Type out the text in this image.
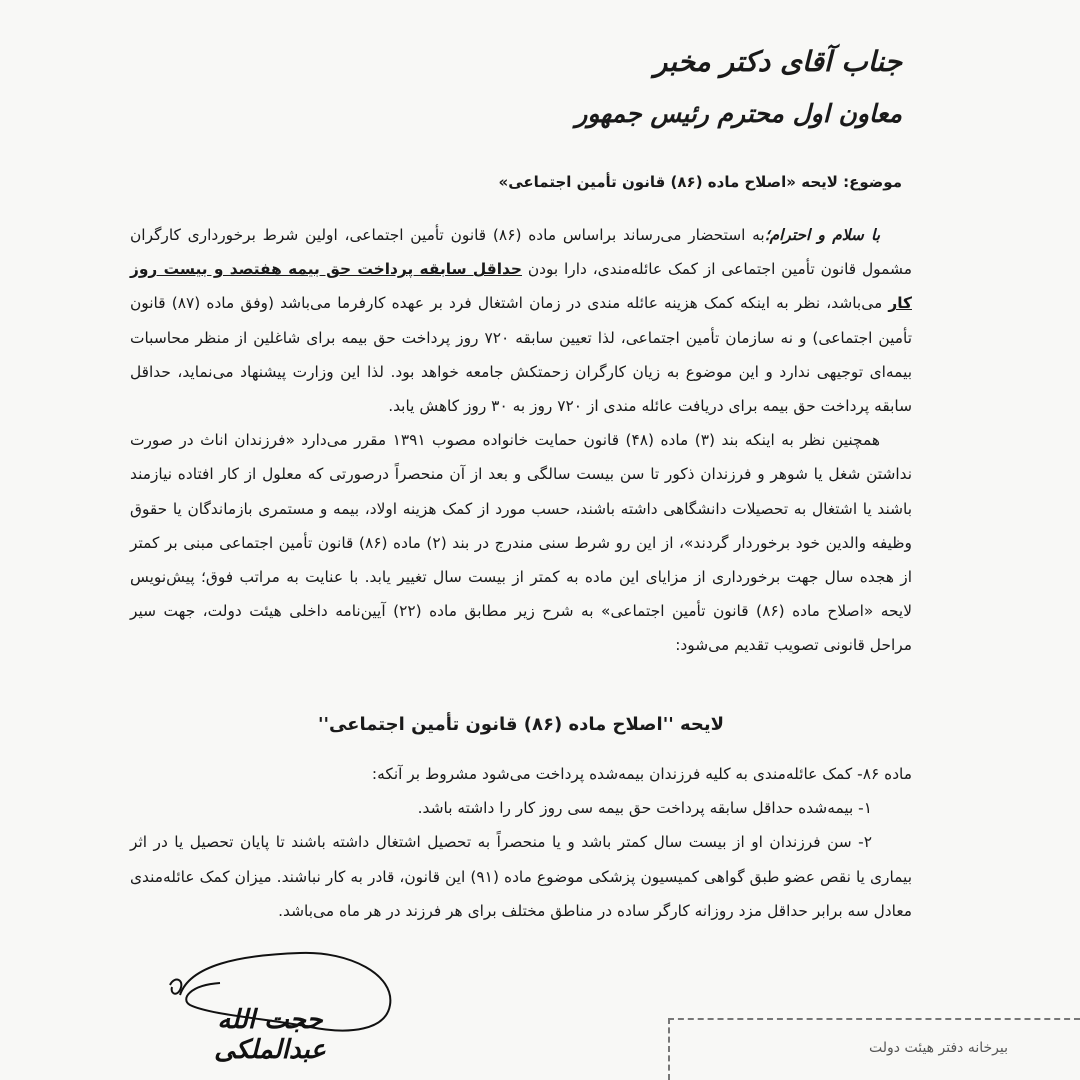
جناب آقای دکتر مخبر
معاون اول محترم رئیس جمهور
موضوع: لایحه «اصلاح ماده (۸۶) قانون تأمین اجتماعی»

با سلام و احترام؛به استحضار می‌رساند براساس ماده (۸۶) قانون تأمین اجتماعی، اولین شرط برخورداری کارگران مشمول قانون تأمین اجتماعی از کمک عائله‌مندی، دارا بودن حداقل سابقه پرداخت حق بیمه هفتصد و بیست روز کار می‌باشد، نظر به اینکه کمک هزینه عائله مندی در زمان اشتغال فرد بر عهده کارفرما می‌باشد (وفق ماده (۸۷) قانون تأمین اجتماعی) و نه سازمان تأمین اجتماعی، لذا تعیین سابقه ۷۲۰ روز پرداخت حق بیمه برای شاغلین از منظر محاسبات بیمه‌ای توجیهی ندارد و این موضوع به زیان کارگران زحمتکش جامعه خواهد بود. لذا این وزارت پیشنهاد می‌نماید، حداقل سابقه پرداخت حق بیمه برای دریافت عائله مندی از ۷۲۰ روز به ۳۰ روز کاهش یابد.

همچنین نظر به اینکه بند (۳) ماده (۴۸) قانون حمایت خانواده مصوب ۱۳۹۱ مقرر می‌دارد «فرزندان اناث در صورت نداشتن شغل یا شوهر و فرزندان ذکور تا سن بیست سالگی و بعد از آن منحصراً درصورتی که معلول از کار افتاده نیازمند باشند یا اشتغال به تحصیلات دانشگاهی داشته باشند، حسب مورد از کمک هزینه اولاد، بیمه و مستمری بازماندگان یا حقوق وظیفه والدین خود برخوردار گردند»، از این رو شرط سنی مندرج در بند (۲) ماده (۸۶) قانون تأمین اجتماعی مبنی بر کمتر از هجده سال جهت برخورداری از مزایای این ماده به کمتر از بیست سال تغییر یابد. با عنایت به مراتب فوق؛ پیش‌نویس لایحه «اصلاح ماده (۸۶) قانون تأمین اجتماعی» به شرح زیر مطابق ماده (۲۲) آیین‌نامه داخلی هیئت دولت، جهت سیر مراحل قانونی تصویب تقدیم می‌شود:

لایحه ''اصلاح ماده (۸۶) قانون تأمین اجتماعی''

ماده ۸۶- کمک عائله‌مندی به کلیه فرزندان بیمه‌شده پرداخت می‌شود مشروط بر آنکه:

۱- بیمه‌شده حداقل سابقه پرداخت حق بیمه سی روز کار را داشته باشد.

۲- سن فرزندان او از بیست سال کمتر باشد و یا منحصراً به تحصیل اشتغال داشته باشند تا پایان تحصیل یا در اثر بیماری یا نقص عضو طبق گواهی کمیسیون پزشکی موضوع ماده (۹۱) این قانون، قادر به کار نباشند. میزان کمک عائله‌مندی معادل سه برابر حداقل مزد روزانه کارگر ساده در مناطق مختلف برای هر فرزند در هر ماه می‌باشد.

حجت الله عبدالملکی	بیرخانه دفتر هیئت دولت
